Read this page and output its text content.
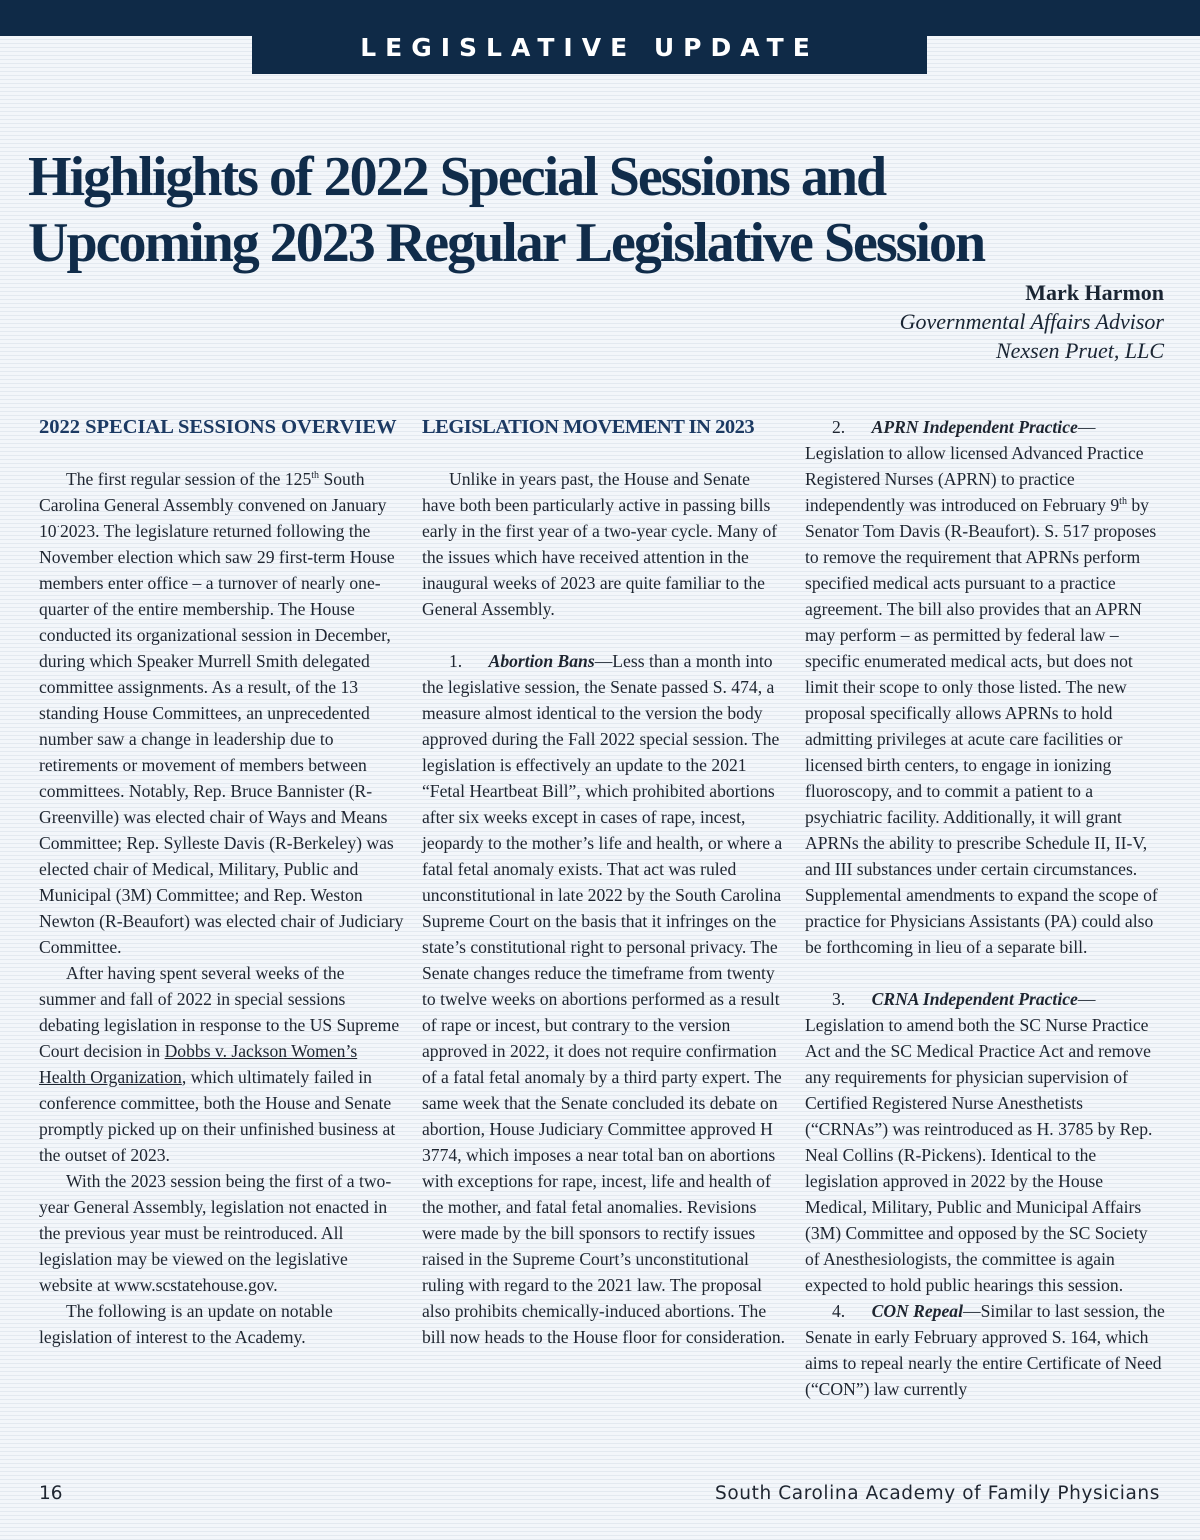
LEGISLATIVE UPDATE
Highlights of 2022 Special Sessions and
Upcoming 2023 Regular Legislative Session
Mark Harmon
Governmental Affairs Advisor
Nexsen Pruet, LLC
2022 SPECIAL SESSIONS OVERVIEW

The first regular session of the 125th South Carolina General Assembly convened on January 10·2023. The legislature returned following the November election which saw 29 first-term House members enter office – a turnover of nearly one-quarter of the entire membership. The House conducted its organizational session in December, during which Speaker Murrell Smith delegated committee assignments. As a result, of the 13 standing House Committees, an unprecedented number saw a change in leadership due to retirements or movement of members between committees. Notably, Rep. Bruce Bannister (R-Greenville) was elected chair of Ways and Means Committee; Rep. Sylleste Davis (R-Berkeley) was elected chair of Medical, Military, Public and Municipal (3M) Committee; and Rep. Weston Newton (R-Beaufort) was elected chair of Judiciary Committee.

After having spent several weeks of the summer and fall of 2022 in special sessions debating legislation in response to the US Supreme Court decision in Dobbs v. Jackson Women’s Health Organization, which ultimately failed in conference committee, both the House and Senate promptly picked up on their unfinished business at the outset of 2023.

With the 2023 session being the first of a two-year General Assembly, legislation not enacted in the previous year must be reintroduced. All legislation may be viewed on the legislative website at www.scstatehouse.gov.

The following is an update on notable legislation of interest to the Academy.

LEGISLATION MOVEMENT IN 2023

Unlike in years past, the House and Senate have both been particularly active in passing bills early in the first year of a two-year cycle. Many of the issues which have received attention in the inaugural weeks of 2023 are quite familiar to the General Assembly.

1. Abortion Bans—Less than a month into the legislative session, the Senate passed S. 474, a measure almost identical to the version the body approved during the Fall 2022 special session. The legislation is effectively an update to the 2021 “Fetal Heartbeat Bill”, which prohibited abortions after six weeks except in cases of rape, incest, jeopardy to the mother’s life and health, or where a fatal fetal anomaly exists. That act was ruled unconstitutional in late 2022 by the South Carolina Supreme Court on the basis that it infringes on the state’s constitutional right to personal privacy. The Senate changes reduce the timeframe from twenty to twelve weeks on abortions performed as a result of rape or incest, but contrary to the version approved in 2022, it does not require confirmation of a fatal fetal anomaly by a third party expert. The same week that the Senate concluded its debate on abortion, House Judiciary Committee approved H 3774, which imposes a near total ban on abortions with exceptions for rape, incest, life and health of the mother, and fatal fetal anomalies. Revisions were made by the bill sponsors to rectify issues raised in the Supreme Court’s unconstitutional ruling with regard to the 2021 law. The proposal also prohibits chemically-induced abortions. The bill now heads to the House floor for consideration.

2. APRN Independent Practice—Legislation to allow licensed Advanced Practice Registered Nurses (APRN) to practice independently was introduced on February 9th by Senator Tom Davis (R-Beaufort). S. 517 proposes to remove the requirement that APRNs perform specified medical acts pursuant to a practice agreement. The bill also provides that an APRN may perform – as permitted by federal law – specific enumerated medical acts, but does not limit their scope to only those listed. The new proposal specifically allows APRNs to hold admitting privileges at acute care facilities or licensed birth centers, to engage in ionizing fluoroscopy, and to commit a patient to a psychiatric facility. Additionally, it will grant APRNs the ability to prescribe Schedule II, II-V, and III substances under certain circumstances. Supplemental amendments to expand the scope of practice for Physicians Assistants (PA) could also be forthcoming in lieu of a separate bill.

3. CRNA Independent Practice—Legislation to amend both the SC Nurse Practice Act and the SC Medical Practice Act and remove any requirements for physician supervision of Certified Registered Nurse Anesthetists (“CRNAs”) was reintroduced as H. 3785 by Rep. Neal Collins (R-Pickens). Identical to the legislation approved in 2022 by the House Medical, Military, Public and Municipal Affairs (3M) Committee and opposed by the SC Society of Anesthesiologists, the committee is again expected to hold public hearings this session.

4. CON Repeal—Similar to last session, the Senate in early February approved S. 164, which aims to repeal nearly the entire Certificate of Need (“CON”) law currently

16	South Carolina Academy of Family Physicians
